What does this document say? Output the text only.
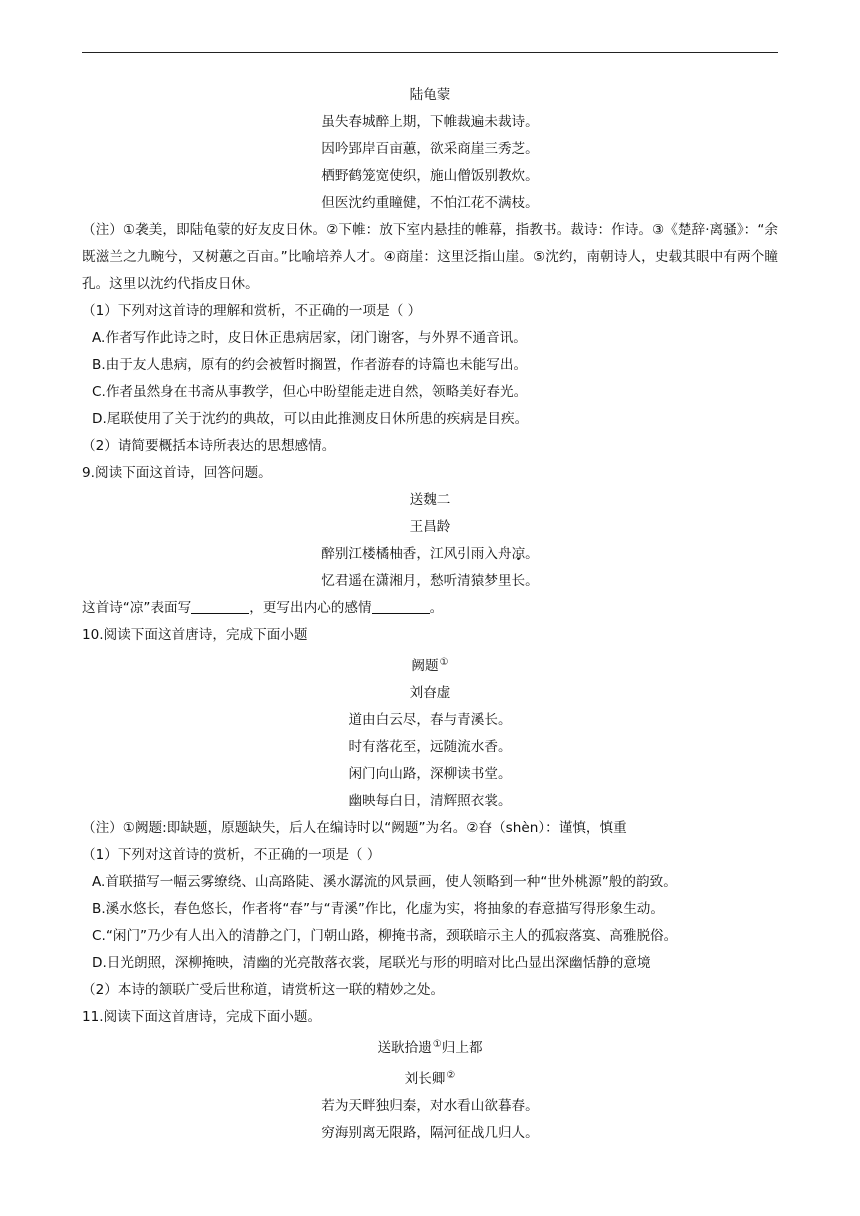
陆龟蒙
虽失春城醉上期，下帷裁遍未裁诗。
因吟郢岸百亩蕙，欲采商崖三秀芝。
栖野鹤笼宽使织，施山僧饭别教炊。
但医沈约重瞳健，不怕江花不满枝。
（注）①袭美，即陆龟蒙的好友皮日休。②下帷：放下室内悬挂的帷幕，指教书。裁诗：作诗。③《楚辞·离骚》：“余既滋兰之九畹兮，又树蕙之百亩。”比喻培养人才。④商崖：这里泛指山崖。⑤沈约，南朝诗人，史载其眼中有两个瞳孔。这里以沈约代指皮日休。
（1）下列对这首诗的理解和赏析，不正确的一项是（ ）
A.作者写作此诗之时，皮日休正患病居家，闭门谢客，与外界不通音讯。
B.由于友人患病，原有的约会被暂时搁置，作者游春的诗篇也未能写出。
C.作者虽然身在书斋从事教学，但心中盼望能走进自然，领略美好春光。
D.尾联使用了关于沈约的典故，可以由此推测皮日休所患的疾病是目疾。
（2）请简要概括本诗所表达的思想感情。
9.阅读下面这首诗，回答问题。
送魏二
王昌龄
醉别江楼橘柚香，江风引雨入舟凉。
忆君遥在潇湘月，愁听清猿梦里长。
这首诗“凉”表面写	，更写出内心的感情	。
10.阅读下面这首唐诗，完成下面小题
阙题①
刘昚虚
道由白云尽，春与青溪长。
时有落花至，远随流水香。
闲门向山路，深柳读书堂。
幽映每白日，清辉照衣裳。
（注）①阙题:即缺题，原题缺失，后人在编诗时以“阙题”为名。②昚（shèn）：谨慎，慎重
（1）下列对这首诗的赏析，不正确的一项是（ ）
A.首联描写一幅云雾缭绕、山高路陡、溪水潺流的风景画，使人领略到一种“世外桃源”般的韵致。
B.溪水悠长，春色悠长，作者将“春”与“青溪”作比，化虚为实，将抽象的春意描写得形象生动。
C.“闲门”乃少有人出入的清静之门，门朝山路，柳掩书斋，颈联暗示主人的孤寂落寞、高雅脱俗。
D.日光朗照，深柳掩映，清幽的光亮散落衣裳，尾联光与形的明暗对比凸显出深幽恬静的意境
（2）本诗的颔联广受后世称道，请赏析这一联的精妙之处。
11.阅读下面这首唐诗，完成下面小题。
送耿拾遗①归上都
刘长卿②
若为天畔独归秦，对水看山欲暮春。
穷海别离无限路，隔河征战几归人。
